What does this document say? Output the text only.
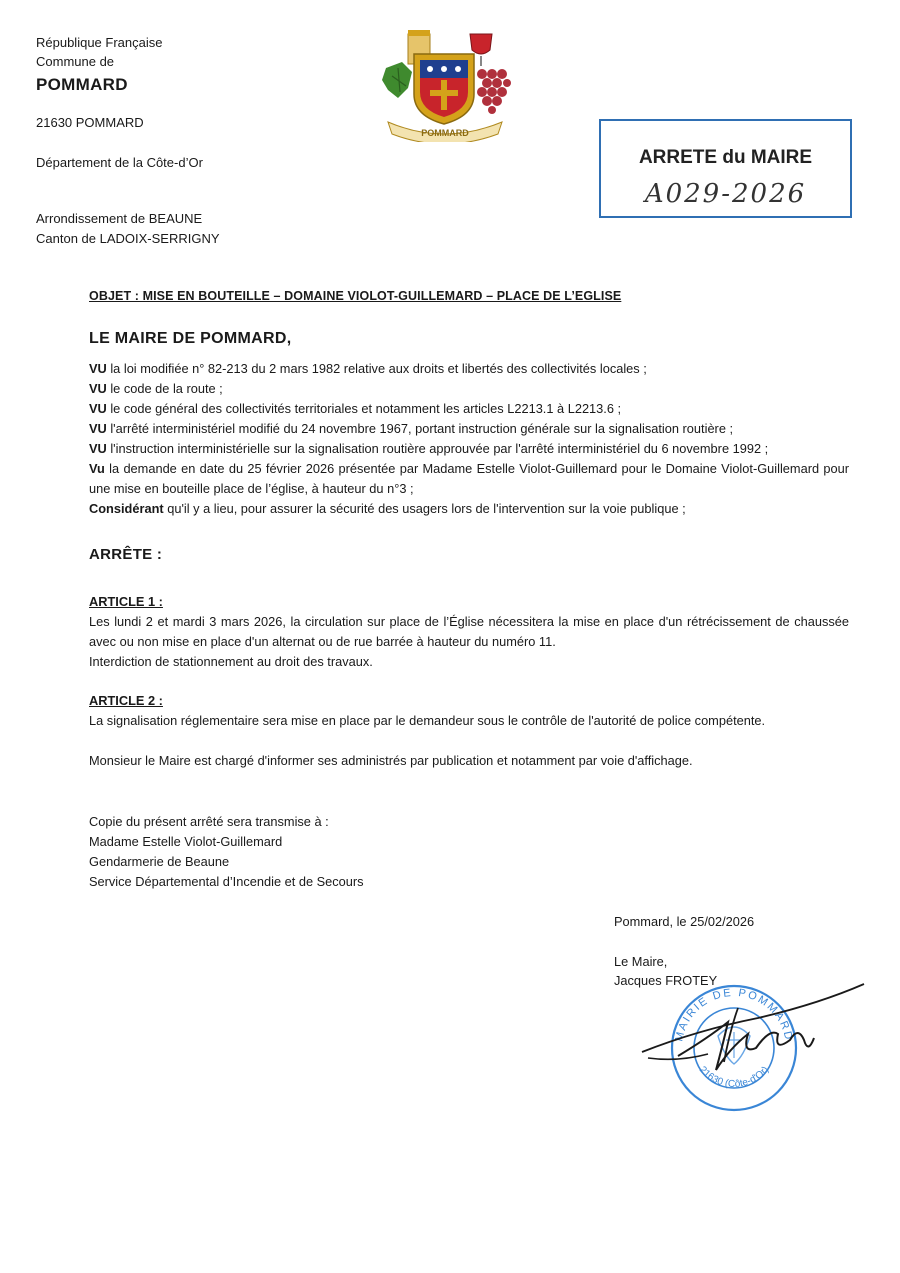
République Française
Commune de
POMMARD
21630 POMMARD
Département de la Côte-d’Or
Arrondissement de BEAUNE
Canton de LADOIX-SERRIGNY
POMMARD
ARRETE du MAIRE
A029-2026
OBJET : MISE EN BOUTEILLE – DOMAINE VIOLOT-GUILLEMARD – PLACE DE L’EGLISE
LE MAIRE DE POMMARD,
VU la loi modifiée n° 82-213 du 2 mars 1982 relative aux droits et libertés des collectivités locales ;
VU le code de la route ;
VU le code général des collectivités territoriales et notamment les articles L2213.1 à L2213.6 ;
VU l'arrêté interministériel modifié du 24 novembre 1967, portant instruction générale sur la signalisation routière ;
VU l'instruction interministérielle sur la signalisation routière approuvée par l'arrêté interministériel du 6 novembre 1992 ;
Vu la demande en date du 25 février 2026 présentée par Madame Estelle Violot-Guillemard pour le Domaine Violot-Guillemard pour une mise en bouteille place de l’église, à hauteur du n°3 ;
Considérant qu'il y a lieu, pour assurer la sécurité des usagers lors de l'intervention sur la voie publique ;
ARRÊTE :
ARTICLE 1 :
Les lundi 2 et mardi 3 mars 2026, la circulation sur place de l’Église nécessitera la mise en place d'un rétrécissement de chaussée avec ou non mise en place d'un alternat ou de rue barrée à hauteur du numéro 11.
Interdiction de stationnement au droit des travaux.
ARTICLE 2 :
La signalisation réglementaire sera mise en place par le demandeur sous le contrôle de l'autorité de police compétente.
Monsieur le Maire est chargé d'informer ses administrés par publication et notamment par voie d'affichage.
Copie du présent arrêté sera transmise à :
Madame Estelle Violot-Guillemard
Gendarmerie de Beaune
Service Départemental d’Incendie et de Secours
Pommard, le 25/02/2026
Le Maire,
Jacques FROTEY
MAIRIE DE POMMARD
21630 (Côte-d'Or)
